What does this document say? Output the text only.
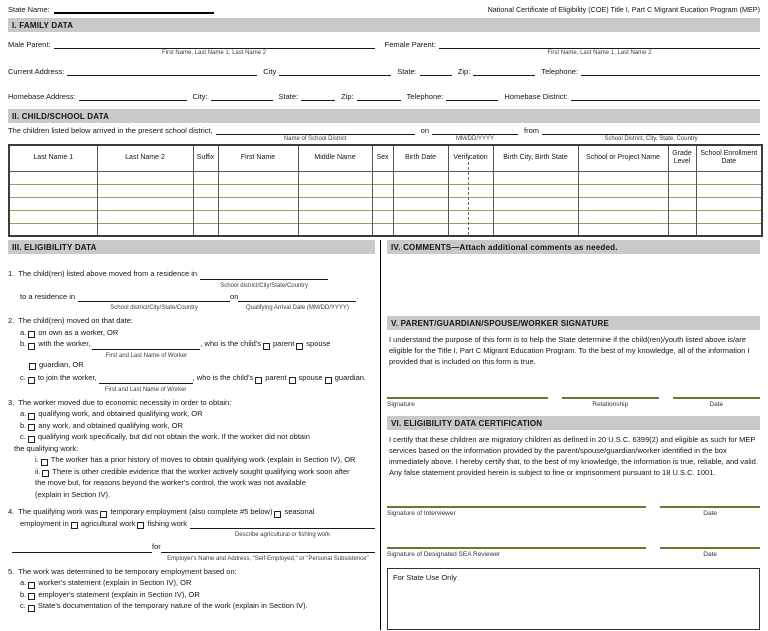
State Name:	National Certificate of Eligibility (COE) Title I, Part C Migrant Eucation Program (MEP)
I. FAMILY DATA
Male Parent:
First Name, Last Name 1, Last Name 2
Female Parent:
First Name, Last Name 1, Last Name 2
Current Address:	City	State:	Zip:	Telephone:
Homebase Address:	City:	State:	Zip:	Telephone:	Homebase District:
II. CHILD/SCHOOL DATA
The children listed below arrived in the present school district,
Name of School District
on
MM/DD/YYYY
from
School District, City, State, Country
Last Name 1	Last Name 2	Suffix	First Name	Middle Name	Sex	Birth Date	Verification	Birth City, Birth State	School or Project Name	Grade Level	School Enrollment Date

III. ELIGIBILITY DATA
1. The child(ren) listed above moved from a residence in
School district/City/State/Country
to a residence in
School district/City/State/Country
on
Qualifying Arrival Date (MM/DD/YYYY)
.
2. The child(ren) moved on that date:
a. on own as a worker, OR
b. with the worker,
First and Last Name of Worker
, who is the child's parent spouse
guardian, OR
c. to join the worker,
First and Last Name of Worker
, who is the child's parent spouse guardian.
3. The worker moved due to economic necessity in order to obtain:
a. qualifying work, and obtained qualifying work, OR
b. any work, and obtained qualifying work, OR
c. qualifying work specifically, but did not obtain the work. If the worker did not obtain
the qualifying work:
i. The worker has a prior history of moves to obtain qualifying work (explain in Section IV), OR
ii. There is other credible evidence that the worker actively sought qualifying work soon after
the move but, for reasons beyond the worker's control, the work was not available
(explain in Section IV).
4. The qualifying work was temporary employment (also complete #5 below) seasonal
employment in agricultural work fishing work
Describe agricultural or fishing work
for
Employer's Name and Address, "Self-Employed," or "Personal Subsistence"
5. The work was determined to be temporary employment based on:
a. worker's statement (explain in Section IV), OR
b. employer's statement (explain in Section IV), OR
c. State's documentation of the temporary nature of the work (explain in Section IV).
IV. COMMENTS—Attach additional comments as needed.
V. PARENT/GUARDIAN/SPOUSE/WORKER SIGNATURE
I understand the purpose of this form is to help the State determine if the child(ren)/youth listed above is/are eligible for the Title I, Part C Migrant Education Program. To the best of my knowledge, all of the information I provided that is included on this form is true.
Signature	Relationship	Date
VI. ELIGIBILITY DATA CERTIFICATION
I certify that these children are migratory children as defined in 20 U.S.C. 6399(2) and eligible as such for MEP services based on the information provided by the parent/spouse/guardian/worker identified in the box immediately above. I hereby certify that, to the best of my knowledge, the information is true, reliable, and valid. Any false statement provided herein is subject to fine or imprisonment pursuant to 18 U.S.C. 1001.
Signature of Interviewer	Date
Signature of Designated SEA Reviewer	Date
For State Use Only
